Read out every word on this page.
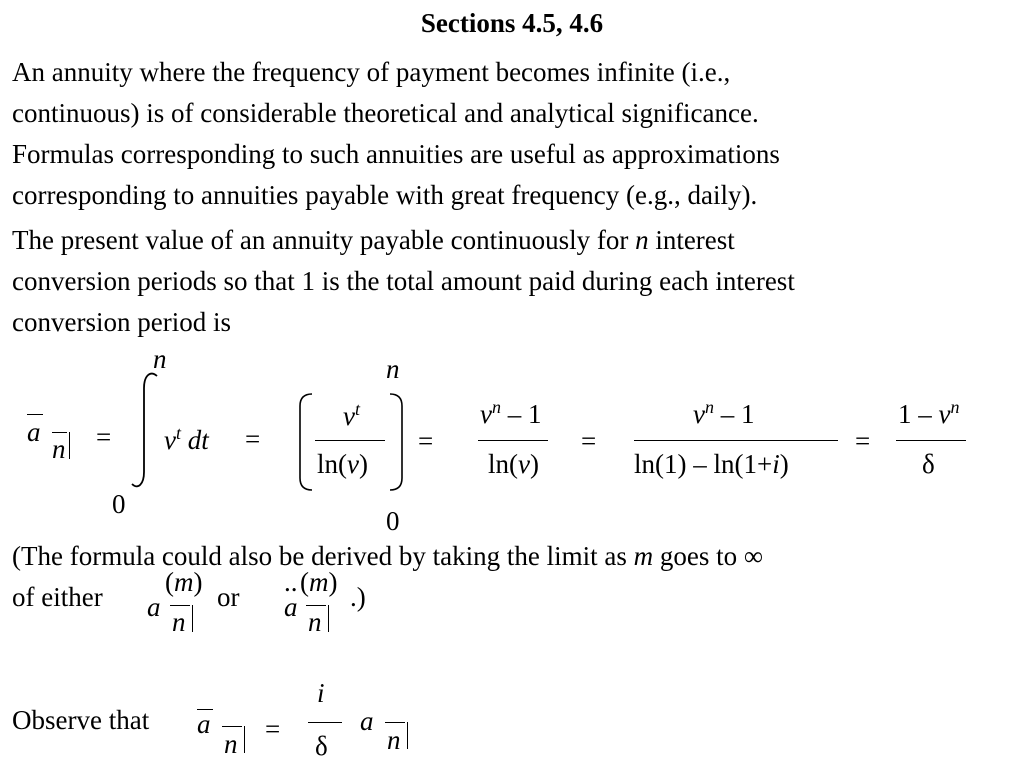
Sections 4.5, 4.6
An annuity where the frequency of payment becomes infinite (i.e.,
continuous) is of considerable theoretical and analytical significance.
Formulas corresponding to such annuities are useful as approximations
corresponding to annuities payable with great frequency (e.g., daily).
The present value of an annuity payable continuously for n interest
conversion periods so that 1 is the total amount paid during each interest
conversion period is
a
n =
n
0
$v^t$ dt =
$v^t$
ln(v)
n
0
=
$v^n - 1$
ln(v)
=
$v^n - 1$
ln(1) – ln(1+i)
=
$1 - v^n$
δ
(The formula could also be derived by taking the limit as m goes to ∞
of either (m)
a n
or .. (m)
a n
.)
Observe that a
n =
i
δ
a
n
